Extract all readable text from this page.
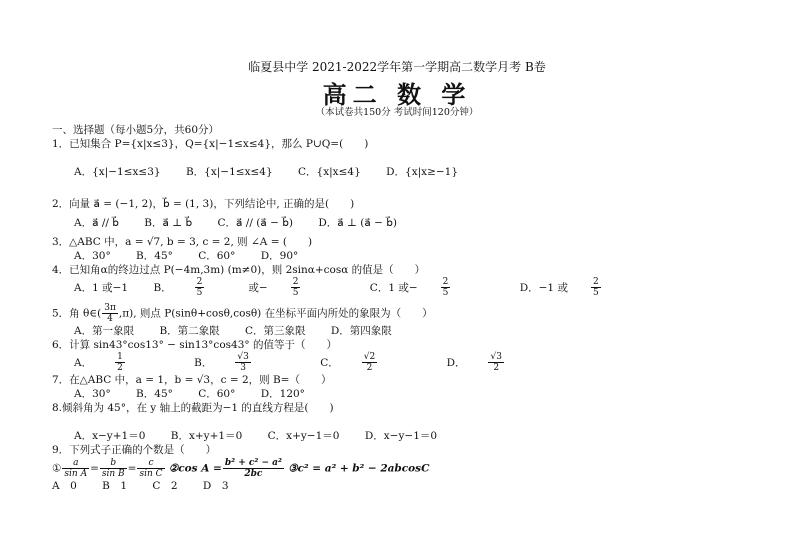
临夏县中学 2021-2022学年第一学期高二数学月考 B卷
高二 数 学
（本试卷共150分 考试时间120分钟）
一、选择题（每小题5分，共60分）
1．已知集合 P={x|x≤3}，Q={x|−1≤x≤4}，那么 P∪Q=(　　)
A．{x|−1≤x≤3} B．{x|−1≤x≤4} C．{x|x≤4} D．{x|x≥−1}
2．向量 a⃗ = (−1, 2)，b⃗ = (1, 3)，下列结论中, 正确的是(　　)
A．a⃗ // b⃗ B．a⃗ ⊥ b⃗ C．a⃗ // (a⃗ − b⃗) D．a⃗ ⊥ (a⃗ − b⃗)
3．△ABC 中，a = √7, b = 3, c = 2, 则 ∠A = (　　)
A．30° B．45° C．60° D．90°
4．已知角α的终边过点 P(−4m,3m) (m≠0)，则 2sinα+cosα 的值是（　　）
A．1 或−1 B．	$\frac{2}{5}$ 或−	$\frac{2}{5}$	C．1 或−	$\frac{2}{5}$	D．−1 或	$\frac{2}{5}$
5．角 θ∈( $\frac{3\pi}{4} ,\pi$), 则点 P(sinθ+cosθ,cosθ) 在坐标平面内所处的象限为（　　）
A．第一象限 B．第二象限 C．第三象限 D．第四象限
6．计算 sin43°cos13° − sin13°cos43° 的值等于（　　）
A．	$\frac{1}{2}$	B．	$\frac{√3}{3}$	C．	$\frac{√2}{2}$	D．	$\frac{√3}{2}$
7．在△ABC 中，a = 1，b = √3，c = 2，则 B=（　　）
A．30° B．45° C．60° D．120°
8.倾斜角为 45°，在 y 轴上的截距为−1 的直线方程是(　　)
A．x−y+1＝0 B．x+y+1＝0 C．x+y−1＝0 D．x−y−1＝0
9．下列式子正确的个数是（　　）
① $\frac{a}{\text{sin A}} = \frac{b}{\text{sin B}} = \frac{c}{\text{sin C}}$ ②cos $A = \frac{\text{b² + c² − a²}}{2bc}$ ③c² = a² + b² − 2abcosC
A　0 B　1 C　2 D　3
